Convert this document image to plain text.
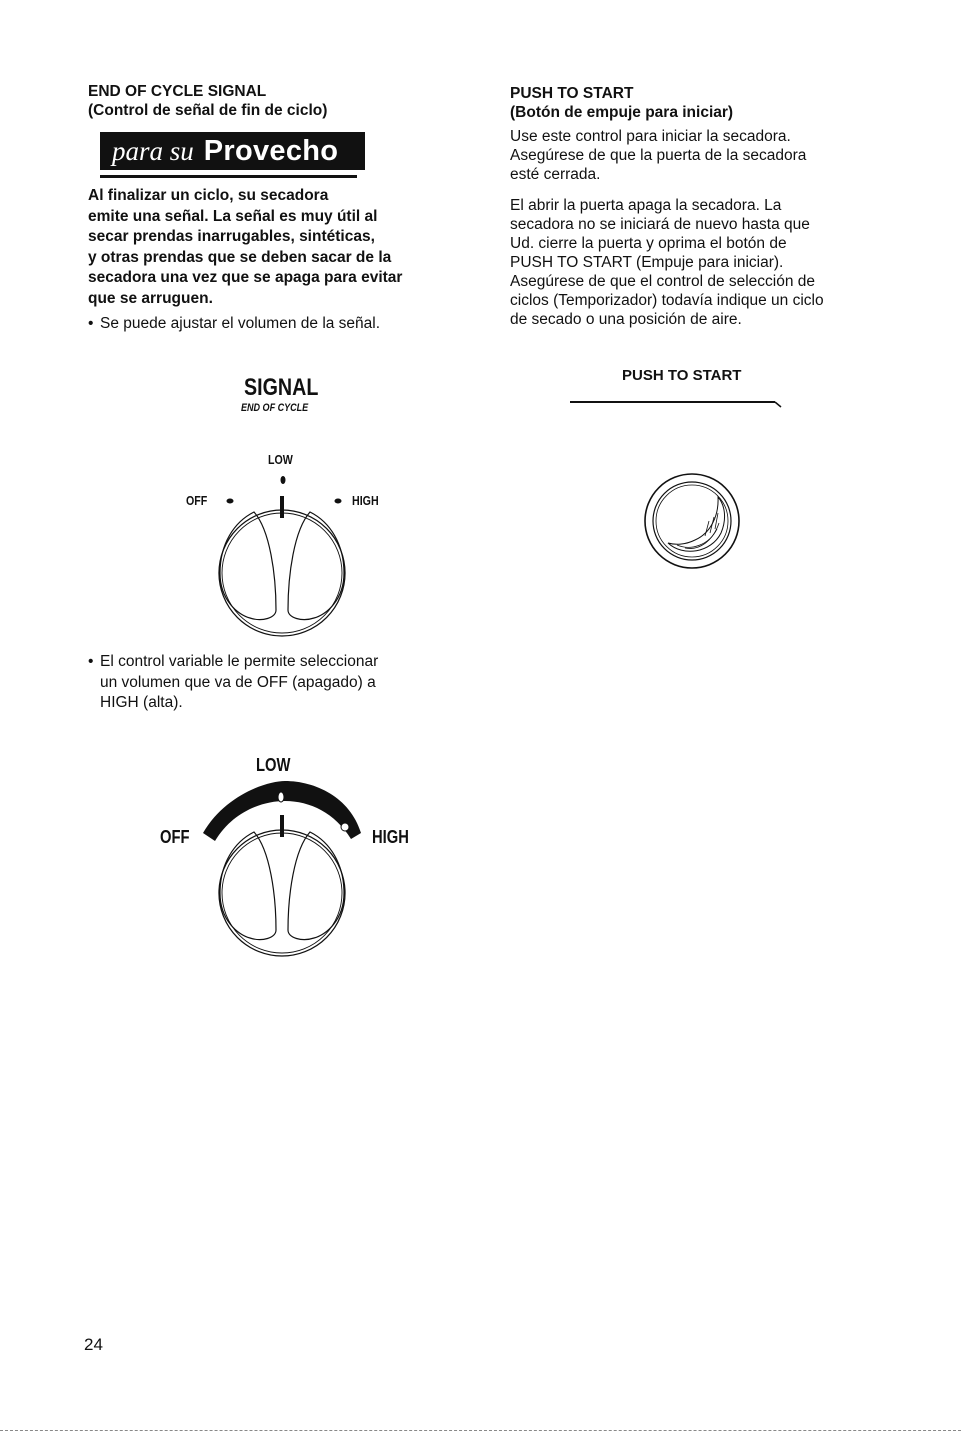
END OF CYCLE SIGNAL
(Control de señal de fin de ciclo)
para su Provecho
Al finalizar un ciclo, su secadora
emite una señal. La señal es muy útil al
secar prendas inarrugables, sintéticas,
y otras prendas que se deben sacar de la
secadora una vez que se apaga para evitar
que se arruguen.
• Se puede ajustar el volumen de la señal.
SIGNAL
END OF CYCLE
LOW
OFF	HIGH
• El control variable le permite seleccionar
un volumen que va de OFF (apagado) a
HIGH (alta).
LOW
OFF	HIGH
PUSH TO START
(Botón de empuje para iniciar)
Use este control para iniciar la secadora.
Asegúrese de que la puerta de la secadora
esté cerrada.
El abrir la puerta apaga la secadora. La
secadora no se iniciará de nuevo hasta que
Ud. cierre la puerta y oprima el botón de
PUSH TO START (Empuje para iniciar).
Asegúrese de que el control de selección de
ciclos (Temporizador) todavía indique un ciclo
de secado o una posición de aire.
PUSH TO START
24
